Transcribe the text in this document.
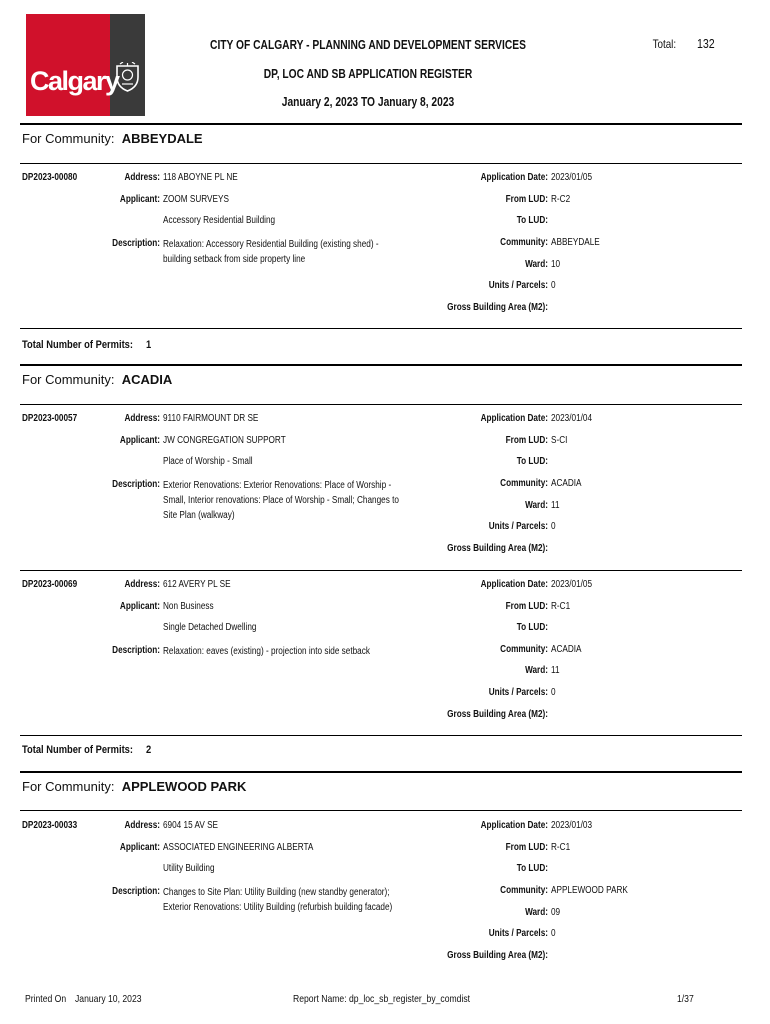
Calgary
CITY OF CALGARY - PLANNING AND DEVELOPMENT SERVICES
DP, LOC AND SB APPLICATION REGISTER
January 2, 2023 TO January 8, 2023
Total: 132
For Community: ABBEYDALE
DP2023-00080	Address: 118 ABOYNE PL NE
Applicant: ZOOM SURVEYS
Accessory Residential Building
Description: Relaxation: Accessory Residential Building (existing shed) - building setback from side property line
Application Date: 2023/01/05
From LUD: R-C2
To LUD:
Community: ABBEYDALE
Ward: 10
Units / Parcels: 0
Gross Building Area (M2):
Total Number of Permits: 1
For Community: ACADIA
DP2023-00057	Address: 9110 FAIRMOUNT DR SE
Applicant: JW CONGREGATION SUPPORT
Place of Worship - Small
Description: Exterior Renovations: Exterior Renovations: Place of Worship - Small, Interior renovations: Place of Worship - Small; Changes to Site Plan (walkway)
Application Date: 2023/01/04
From LUD: S-CI
To LUD:
Community: ACADIA
Ward: 11
Units / Parcels: 0
Gross Building Area (M2):
DP2023-00069	Address: 612 AVERY PL SE
Applicant: Non Business
Single Detached Dwelling
Description: Relaxation: eaves (existing) - projection into side setback
Application Date: 2023/01/05
From LUD: R-C1
To LUD:
Community: ACADIA
Ward: 11
Units / Parcels: 0
Gross Building Area (M2):
Total Number of Permits: 2
For Community: APPLEWOOD PARK
DP2023-00033	Address: 6904 15 AV SE
Applicant: ASSOCIATED ENGINEERING ALBERTA
Utility Building
Description: Changes to Site Plan: Utility Building (new standby generator); Exterior Renovations: Utility Building (refurbish building facade)
Application Date: 2023/01/03
From LUD: R-C1
To LUD:
Community: APPLEWOOD PARK
Ward: 09
Units / Parcels: 0
Gross Building Area (M2):
Printed On January 10, 2023	Report Name: dp_loc_sb_register_by_comdist	1/37
